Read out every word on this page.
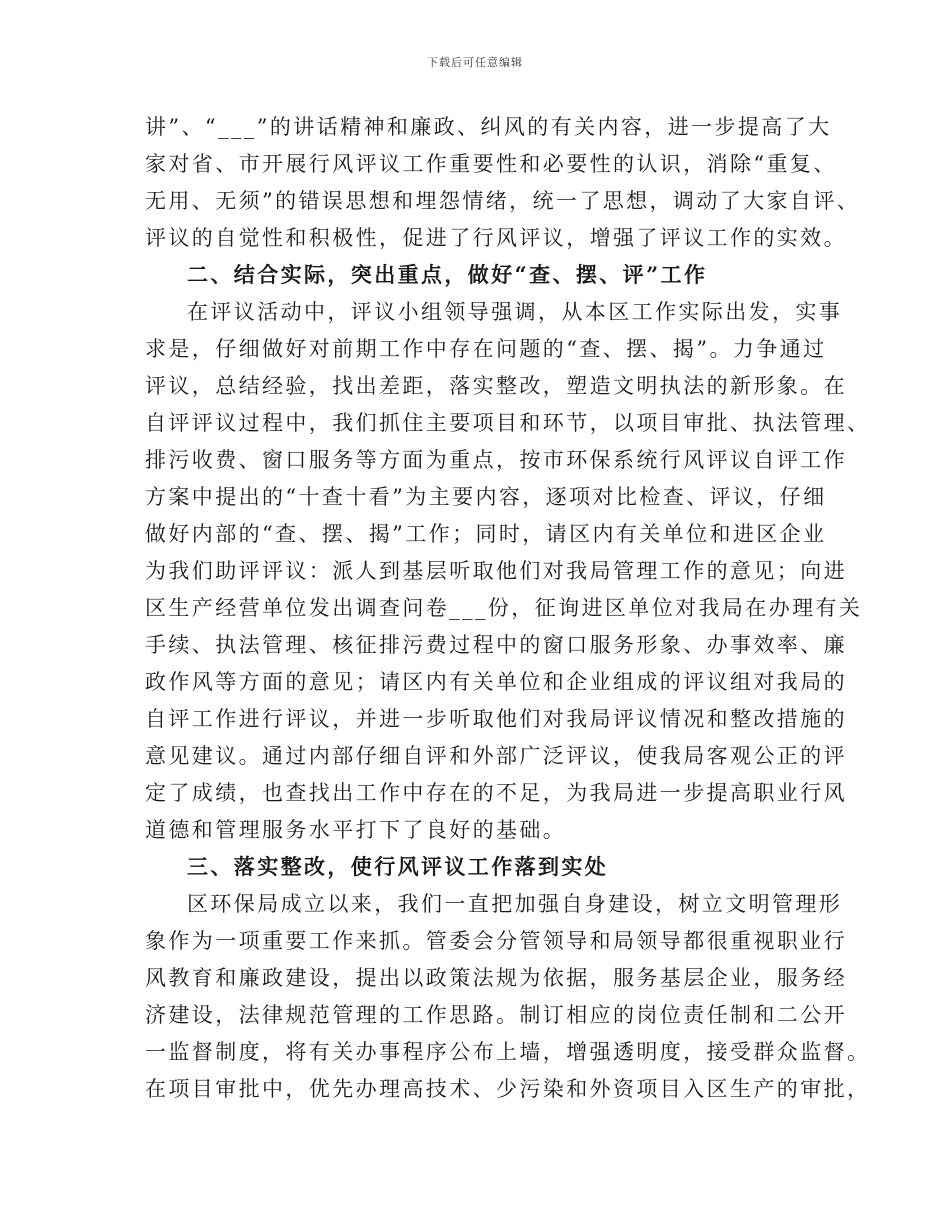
下载后可任意编辑
讲”、“___”的讲话精神和廉政、纠风的有关内容，进一步提高了大
家对省、市开展行风评议工作重要性和必要性的认识，消除“重复、
无用、无须”的错误思想和埋怨情绪，统一了思想，调动了大家自评、
评议的自觉性和积极性，促进了行风评议，增强了评议工作的实效。
二、结合实际，突出重点，做好“查、摆、评”工作
在评议活动中，评议小组领导强调，从本区工作实际出发，实事
求是，仔细做好对前期工作中存在问题的“查、摆、揭”。力争通过
评议，总结经验，找出差距，落实整改，塑造文明执法的新形象。在
自评评议过程中，我们抓住主要项目和环节，以项目审批、执法管理、
排污收费、窗口服务等方面为重点，按市环保系统行风评议自评工作
方案中提出的“十查十看”为主要内容，逐项对比检查、评议，仔细
做好内部的“查、摆、揭”工作；同时，请区内有关单位和进区企业
为我们助评评议：派人到基层听取他们对我局管理工作的意见；向进
区生产经营单位发出调查问卷___份，征询进区单位对我局在办理有关
手续、执法管理、核征排污费过程中的窗口服务形象、办事效率、廉
政作风等方面的意见；请区内有关单位和企业组成的评议组对我局的
自评工作进行评议，并进一步听取他们对我局评议情况和整改措施的
意见建议。通过内部仔细自评和外部广泛评议，使我局客观公正的评
定了成绩，也查找出工作中存在的不足，为我局进一步提高职业行风
道德和管理服务水平打下了良好的基础。
三、落实整改，使行风评议工作落到实处
区环保局成立以来，我们一直把加强自身建设，树立文明管理形
象作为一项重要工作来抓。管委会分管领导和局领导都很重视职业行
风教育和廉政建设，提出以政策法规为依据，服务基层企业，服务经
济建设，法律规范管理的工作思路。制订相应的岗位责任制和二公开
一监督制度，将有关办事程序公布上墙，增强透明度，接受群众监督。
在项目审批中，优先办理高技术、少污染和外资项目入区生产的审批，
